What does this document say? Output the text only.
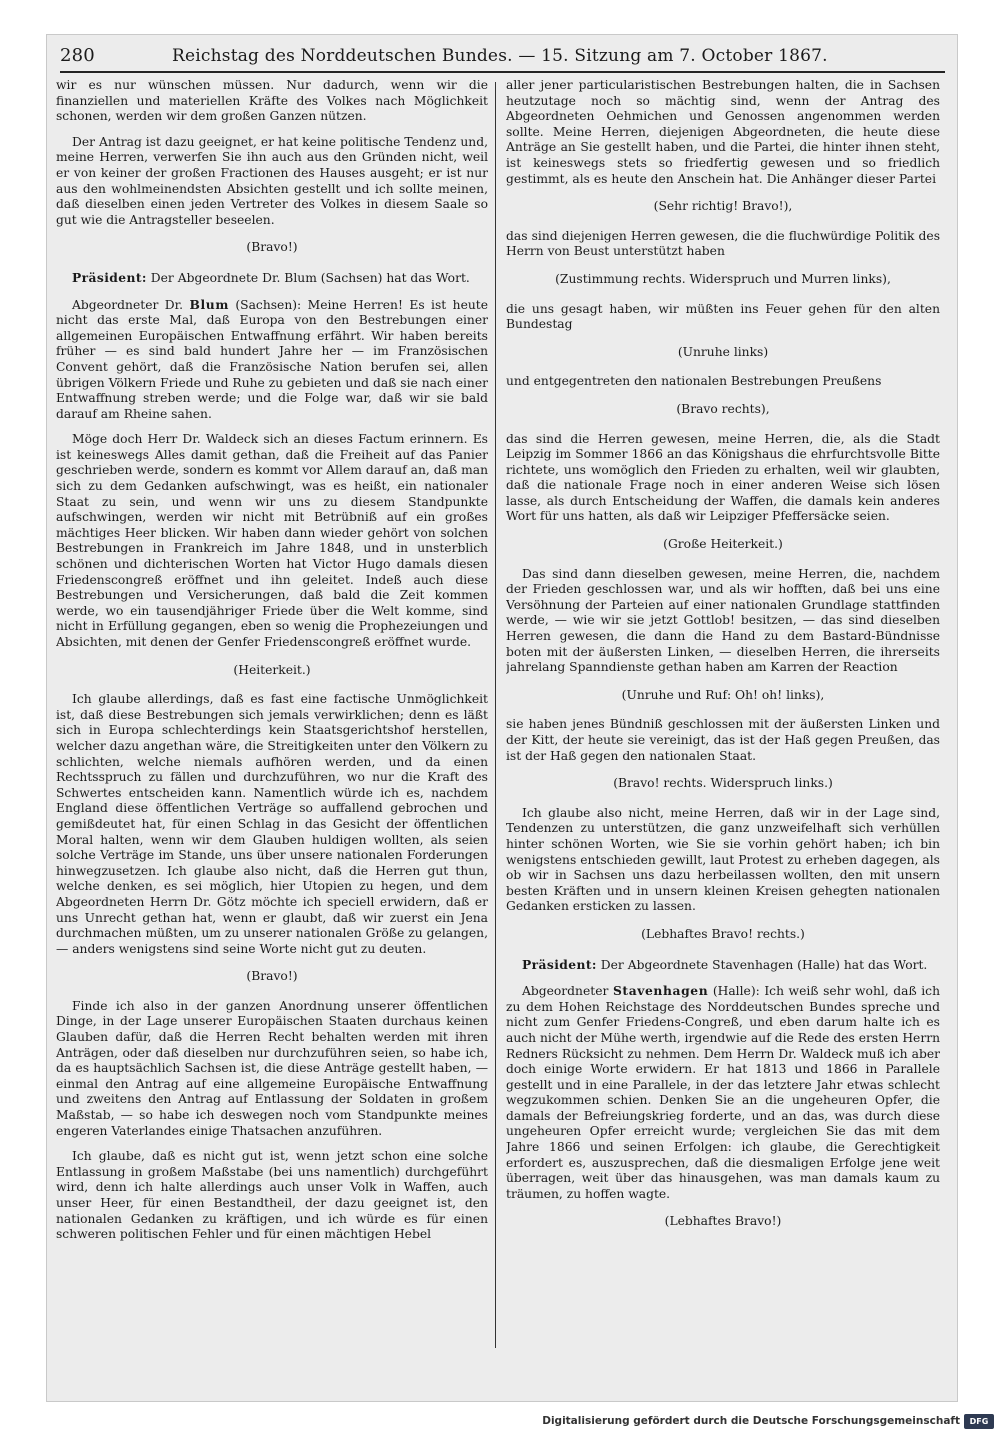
280	Reichstag des Norddeutschen Bundes. — 15. Sitzung am 7. October 1867.

wir es nur wünschen müssen. Nur dadurch, wenn wir die finanziellen und materiellen Kräfte des Volkes nach Möglichkeit schonen, werden wir dem großen Ganzen nützen.

Der Antrag ist dazu geeignet, er hat keine politische Tendenz und, meine Herren, verwerfen Sie ihn auch aus den Gründen nicht, weil er von keiner der großen Fractionen des Hauses ausgeht; er ist nur aus den wohlmeinendsten Absichten gestellt und ich sollte meinen, daß dieselben einen jeden Vertreter des Volkes in diesem Saale so gut wie die Antragsteller beseelen.

(Bravo!)

Präsident: Der Abgeordnete Dr. Blum (Sachsen) hat das Wort.

Abgeordneter Dr. Blum (Sachsen): Meine Herren! Es ist heute nicht das erste Mal, daß Europa von den Bestrebungen einer allgemeinen Europäischen Entwaffnung erfährt. Wir haben bereits früher — es sind bald hundert Jahre her — im Französischen Convent gehört, daß die Französische Nation berufen sei, allen übrigen Völkern Friede und Ruhe zu gebieten und daß sie nach einer Entwaffnung streben werde; und die Folge war, daß wir sie bald darauf am Rheine sahen.

Möge doch Herr Dr. Waldeck sich an dieses Factum erinnern. Es ist keineswegs Alles damit gethan, daß die Freiheit auf das Panier geschrieben werde, sondern es kommt vor Allem darauf an, daß man sich zu dem Gedanken aufschwingt, was es heißt, ein nationaler Staat zu sein, und wenn wir uns zu diesem Standpunkte aufschwingen, werden wir nicht mit Betrübniß auf ein großes mächtiges Heer blicken. Wir haben dann wieder gehört von solchen Bestrebungen in Frankreich im Jahre 1848, und in unsterblich schönen und dichterischen Worten hat Victor Hugo damals diesen Friedenscongreß eröffnet und ihn geleitet. Indeß auch diese Bestrebungen und Versicherungen, daß bald die Zeit kommen werde, wo ein tausendjähriger Friede über die Welt komme, sind nicht in Erfüllung gegangen, eben so wenig die Prophezeiungen und Absichten, mit denen der Genfer Friedenscongreß eröffnet wurde.

(Heiterkeit.)

Ich glaube allerdings, daß es fast eine factische Unmöglichkeit ist, daß diese Bestrebungen sich jemals verwirklichen; denn es läßt sich in Europa schlechterdings kein Staatsgerichtshof herstellen, welcher dazu angethan wäre, die Streitigkeiten unter den Völkern zu schlichten, welche niemals aufhören werden, und da einen Rechtsspruch zu fällen und durchzuführen, wo nur die Kraft des Schwertes entscheiden kann. Namentlich würde ich es, nachdem England diese öffentlichen Verträge so auffallend gebrochen und gemißdeutet hat, für einen Schlag in das Gesicht der öffentlichen Moral halten, wenn wir dem Glauben huldigen wollten, als seien solche Verträge im Stande, uns über unsere nationalen Forderungen hinwegzusetzen. Ich glaube also nicht, daß die Herren gut thun, welche denken, es sei möglich, hier Utopien zu hegen, und dem Abgeordneten Herrn Dr. Götz möchte ich speciell erwidern, daß er uns Unrecht gethan hat, wenn er glaubt, daß wir zuerst ein Jena durchmachen müßten, um zu unserer nationalen Größe zu gelangen, — anders wenigstens sind seine Worte nicht gut zu deuten.

(Bravo!)

Finde ich also in der ganzen Anordnung unserer öffentlichen Dinge, in der Lage unserer Europäischen Staaten durchaus keinen Glauben dafür, daß die Herren Recht behalten werden mit ihren Anträgen, oder daß dieselben nur durchzuführen seien, so habe ich, da es hauptsächlich Sachsen ist, die diese Anträge gestellt haben, — einmal den Antrag auf eine allgemeine Europäische Entwaffnung und zweitens den Antrag auf Entlassung der Soldaten in großem Maßstab, — so habe ich deswegen noch vom Standpunkte meines engeren Vaterlandes einige Thatsachen anzuführen.

Ich glaube, daß es nicht gut ist, wenn jetzt schon eine solche Entlassung in großem Maßstabe (bei uns namentlich) durchgeführt wird, denn ich halte allerdings auch unser Volk in Waffen, auch unser Heer, für einen Bestandtheil, der dazu geeignet ist, den nationalen Gedanken zu kräftigen, und ich würde es für einen schweren politischen Fehler und für einen mächtigen Hebel

aller jener particularistischen Bestrebungen halten, die in Sachsen heutzutage noch so mächtig sind, wenn der Antrag des Abgeordneten Oehmichen und Genossen angenommen werden sollte. Meine Herren, diejenigen Abgeordneten, die heute diese Anträge an Sie gestellt haben, und die Partei, die hinter ihnen steht, ist keineswegs stets so friedfertig gewesen und so friedlich gestimmt, als es heute den Anschein hat. Die Anhänger dieser Partei

(Sehr richtig! Bravo!),

das sind diejenigen Herren gewesen, die die fluchwürdige Politik des Herrn von Beust unterstützt haben

(Zustimmung rechts. Widerspruch und Murren links),

die uns gesagt haben, wir müßten ins Feuer gehen für den alten Bundestag

(Unruhe links)

und entgegentreten den nationalen Bestrebungen Preußens

(Bravo rechts),

das sind die Herren gewesen, meine Herren, die, als die Stadt Leipzig im Sommer 1866 an das Königshaus die ehrfurchtsvolle Bitte richtete, uns womöglich den Frieden zu erhalten, weil wir glaubten, daß die nationale Frage noch in einer anderen Weise sich lösen lasse, als durch Entscheidung der Waffen, die damals kein anderes Wort für uns hatten, als daß wir Leipziger Pfeffersäcke seien.

(Große Heiterkeit.)

Das sind dann dieselben gewesen, meine Herren, die, nachdem der Frieden geschlossen war, und als wir hofften, daß bei uns eine Versöhnung der Parteien auf einer nationalen Grundlage stattfinden werde, — wie wir sie jetzt Gottlob! besitzen, — das sind dieselben Herren gewesen, die dann die Hand zu dem Bastard-Bündnisse boten mit der äußersten Linken, — dieselben Herren, die ihrerseits jahrelang Spanndienste gethan haben am Karren der Reaction

(Unruhe und Ruf: Oh! oh! links),

sie haben jenes Bündniß geschlossen mit der äußersten Linken und der Kitt, der heute sie vereinigt, das ist der Haß gegen Preußen, das ist der Haß gegen den nationalen Staat.

(Bravo! rechts. Widerspruch links.)

Ich glaube also nicht, meine Herren, daß wir in der Lage sind, Tendenzen zu unterstützen, die ganz unzweifelhaft sich verhüllen hinter schönen Worten, wie Sie sie vorhin gehört haben; ich bin wenigstens entschieden gewillt, laut Protest zu erheben dagegen, als ob wir in Sachsen uns dazu herbeilassen wollten, den mit unsern besten Kräften und in unsern kleinen Kreisen gehegten nationalen Gedanken ersticken zu lassen.

(Lebhaftes Bravo! rechts.)

Präsident: Der Abgeordnete Stavenhagen (Halle) hat das Wort.

Abgeordneter Stavenhagen (Halle): Ich weiß sehr wohl, daß ich zu dem Hohen Reichstage des Norddeutschen Bundes spreche und nicht zum Genfer Friedens-Congreß, und eben darum halte ich es auch nicht der Mühe werth, irgendwie auf die Rede des ersten Herrn Redners Rücksicht zu nehmen. Dem Herrn Dr. Waldeck muß ich aber doch einige Worte erwidern. Er hat 1813 und 1866 in Parallele gestellt und in eine Parallele, in der das letztere Jahr etwas schlecht wegzukommen schien. Denken Sie an die ungeheuren Opfer, die damals der Befreiungskrieg forderte, und an das, was durch diese ungeheuren Opfer erreicht wurde; vergleichen Sie das mit dem Jahre 1866 und seinen Erfolgen: ich glaube, die Gerechtigkeit erfordert es, auszusprechen, daß die diesmaligen Erfolge jene weit überragen, weit über das hinausgehen, was man damals kaum zu träumen, zu hoffen wagte.

(Lebhaftes Bravo!)

Digitalisierung gefördert durch die Deutsche Forschungsgemeinschaft	DFG
